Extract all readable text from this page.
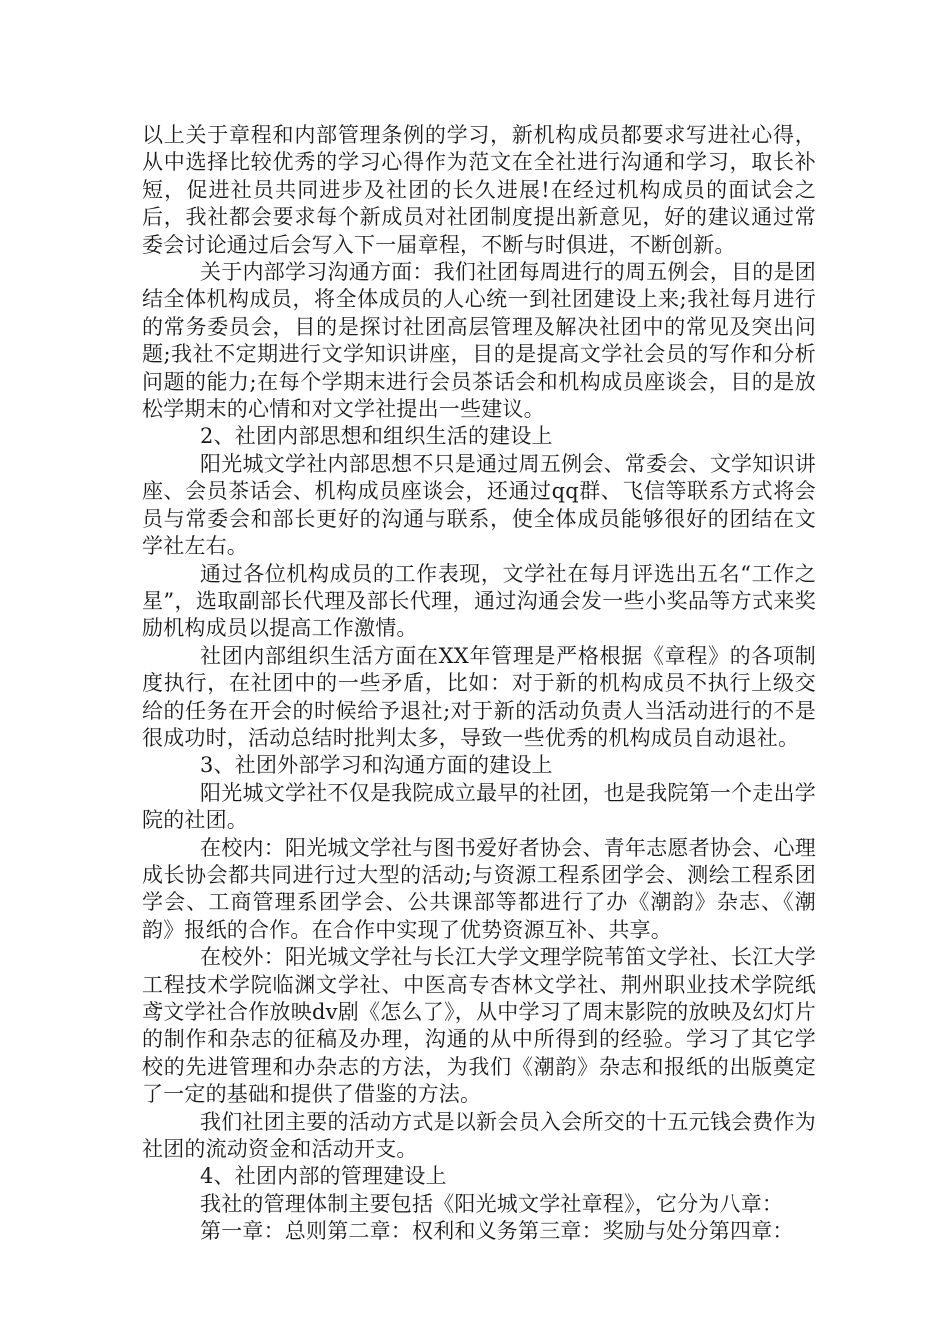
以上关于章程和内部管理条例的学习，新机构成员都要求写进社心得，从中选择比较优秀的学习心得作为范文在全社进行沟通和学习，取长补短，促进社员共同进步及社团的长久进展!在经过机构成员的面试会之后，我社都会要求每个新成员对社团制度提出新意见，好的建议通过常委会讨论通过后会写入下一届章程，不断与时俱进，不断创新。

关于内部学习沟通方面：我们社团每周进行的周五例会，目的是团结全体机构成员，将全体成员的人心统一到社团建设上来;我社每月进行的常务委员会，目的是探讨社团高层管理及解决社团中的常见及突出问题;我社不定期进行文学知识讲座，目的是提高文学社会员的写作和分析问题的能力;在每个学期末进行会员茶话会和机构成员座谈会，目的是放松学期末的心情和对文学社提出一些建议。

2、社团内部思想和组织生活的建设上

阳光城文学社内部思想不只是通过周五例会、常委会、文学知识讲座、会员茶话会、机构成员座谈会，还通过qq群、飞信等联系方式将会员与常委会和部长更好的沟通与联系，使全体成员能够很好的团结在文学社左右。

通过各位机构成员的工作表现，文学社在每月评选出五名“工作之星”，选取副部长代理及部长代理，通过沟通会发一些小奖品等方式来奖励机构成员以提高工作激情。

社团内部组织生活方面在XX年管理是严格根据《章程》的各项制度执行，在社团中的一些矛盾，比如：对于新的机构成员不执行上级交给的任务在开会的时候给予退社;对于新的活动负责人当活动进行的不是很成功时，活动总结时批判太多，导致一些优秀的机构成员自动退社。

3、社团外部学习和沟通方面的建设上

阳光城文学社不仅是我院成立最早的社团，也是我院第一个走出学院的社团。

在校内：阳光城文学社与图书爱好者协会、青年志愿者协会、心理成长协会都共同进行过大型的活动;与资源工程系团学会、测绘工程系团学会、工商管理系团学会、公共课部等都进行了办《潮韵》杂志、《潮韵》报纸的合作。在合作中实现了优势资源互补、共享。

在校外：阳光城文学社与长江大学文理学院苇笛文学社、长江大学工程技术学院临渊文学社、中医高专杏林文学社、荆州职业技术学院纸鸢文学社合作放映dv剧《怎么了》，从中学习了周末影院的放映及幻灯片的制作和杂志的征稿及办理，沟通的从中所得到的经验。学习了其它学校的先进管理和办杂志的方法，为我们《潮韵》杂志和报纸的出版奠定了一定的基础和提供了借鉴的方法。

我们社团主要的活动方式是以新会员入会所交的十五元钱会费作为社团的流动资金和活动开支。

4、社团内部的管理建设上

我社的管理体制主要包括《阳光城文学社章程》，它分为八章：

第一章：总则第二章：权利和义务第三章：奖励与处分第四章：
